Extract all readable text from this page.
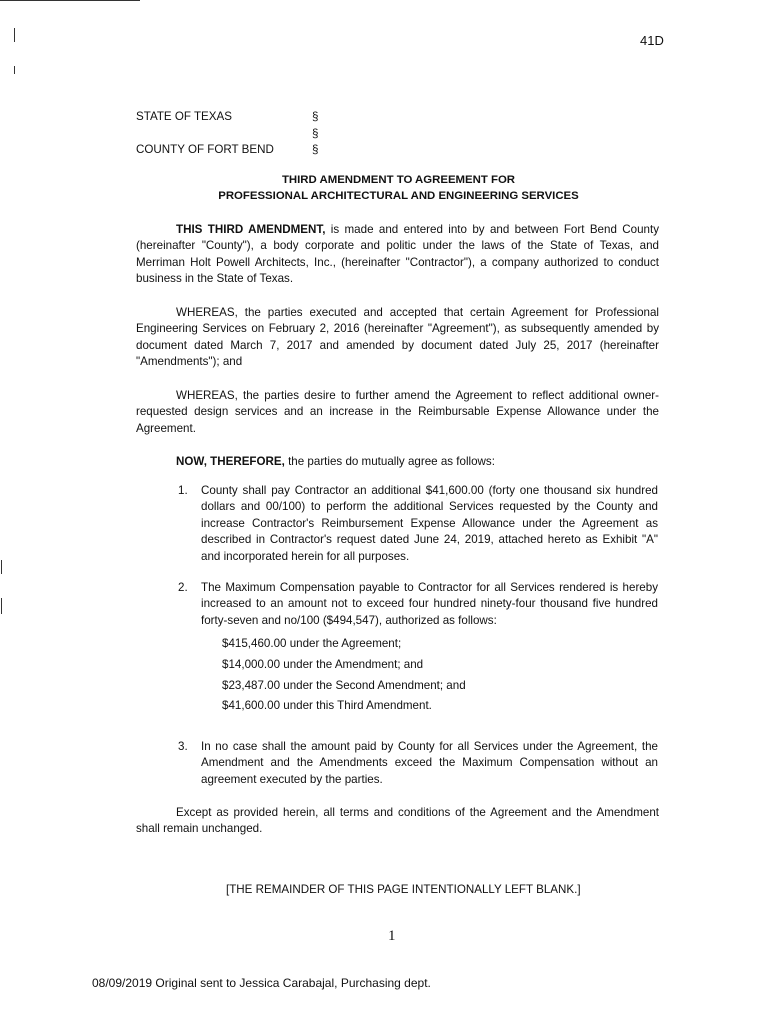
41D
STATE OF TEXAS
COUNTY OF FORT BEND
§
§
§
THIRD AMENDMENT TO AGREEMENT FOR
PROFESSIONAL ARCHITECTURAL AND ENGINEERING SERVICES
THIS THIRD AMENDMENT, is made and entered into by and between Fort Bend County (hereinafter "County"), a body corporate and politic under the laws of the State of Texas, and Merriman Holt Powell Architects, Inc., (hereinafter "Contractor"), a company authorized to conduct business in the State of Texas.
WHEREAS, the parties executed and accepted that certain Agreement for Professional Engineering Services on February 2, 2016 (hereinafter "Agreement"), as subsequently amended by document dated March 7, 2017 and amended by document dated July 25, 2017 (hereinafter "Amendments"); and
WHEREAS, the parties desire to further amend the Agreement to reflect additional owner-requested design services and an increase in the Reimbursable Expense Allowance under the Agreement.
NOW, THEREFORE, the parties do mutually agree as follows:
1. County shall pay Contractor an additional $41,600.00 (forty one thousand six hundred dollars and 00/100) to perform the additional Services requested by the County and increase Contractor's Reimbursement Expense Allowance under the Agreement as described in Contractor's request dated June 24, 2019, attached hereto as Exhibit "A" and incorporated herein for all purposes.
2. The Maximum Compensation payable to Contractor for all Services rendered is hereby increased to an amount not to exceed four hundred ninety-four thousand five hundred forty-seven and no/100 ($494,547), authorized as follows:
$415,460.00 under the Agreement;
$14,000.00 under the Amendment; and
$23,487.00 under the Second Amendment; and
$41,600.00 under this Third Amendment.
3. In no case shall the amount paid by County for all Services under the Agreement, the Amendment and the Amendments exceed the Maximum Compensation without an agreement executed by the parties.
Except as provided herein, all terms and conditions of the Agreement and the Amendment shall remain unchanged.
[THE REMAINDER OF THIS PAGE INTENTIONALLY LEFT BLANK.]
1
08/09/2019 Original sent to Jessica Carabajal, Purchasing dept.
